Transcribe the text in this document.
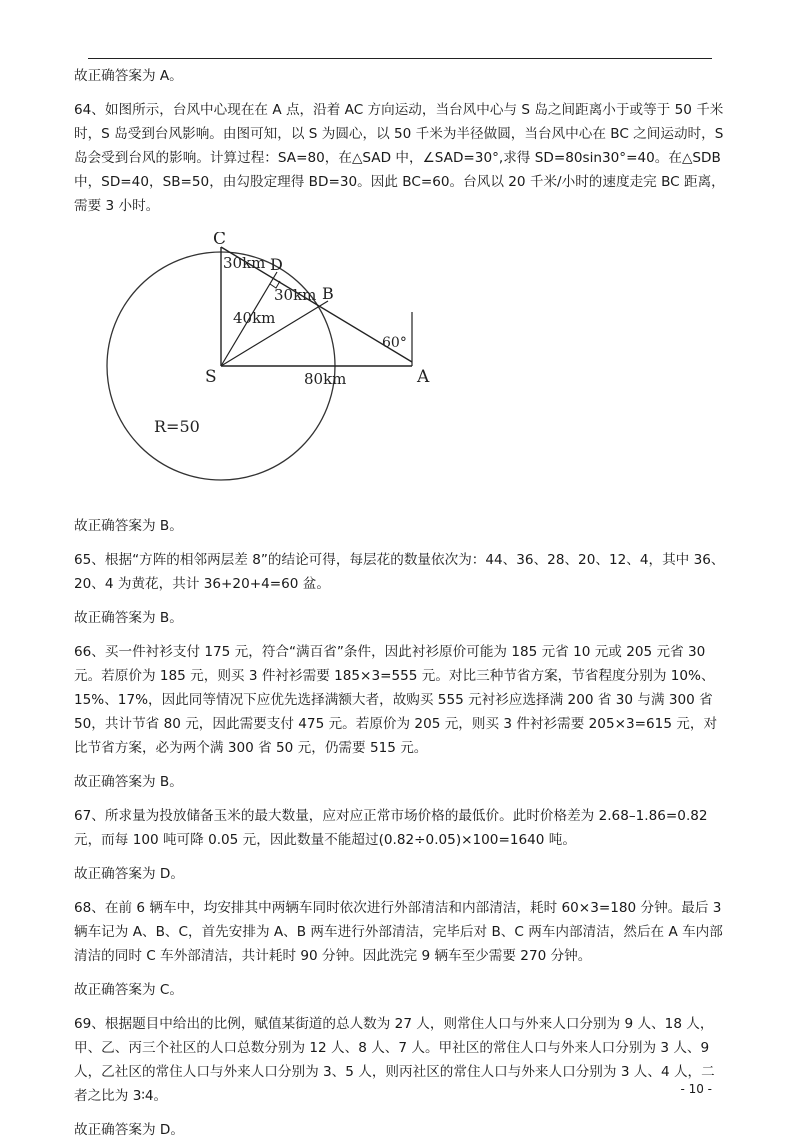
故正确答案为 A。

64、如图所示，台风中心现在在 A 点，沿着 AC 方向运动，当台风中心与 S 岛之间距离小于或等于 50 千米时，S 岛受到台风影响。由图可知，以 S 为圆心，以 50 千米为半径做圆，当台风中心在 BC 之间运动时，S 岛会受到台风的影响。计算过程：SA=80，在△SAD 中，∠SAD=30°,求得 SD=80sin30°=40。在△SDB 中，SD=40，SB=50，由勾股定理得 BD=30。因此 BC=60。台风以 20 千米/小时的速度走完 BC 距离，需要 3 小时。

C
D
B
S	A
30km
30km
40km
80km
60°
R=50

故正确答案为 B。

65、根据“方阵的相邻两层差 8”的结论可得，每层花的数量依次为：44、36、28、20、12、4，其中 36、20、4 为黄花，共计 36+20+4=60 盆。

故正确答案为 B。

66、买一件衬衫支付 175 元，符合“满百省”条件，因此衬衫原价可能为 185 元省 10 元或 205 元省 30 元。若原价为 185 元，则买 3 件衬衫需要 185×3=555 元。对比三种节省方案，节省程度分别为 10%、15%、17%，因此同等情况下应优先选择满额大者，故购买 555 元衬衫应选择满 200 省 30 与满 300 省 50，共计节省 80 元，因此需要支付 475 元。若原价为 205 元，则买 3 件衬衫需要 205×3=615 元，对比节省方案，必为两个满 300 省 50 元，仍需要 515 元。

故正确答案为 B。

67、所求量为投放储备玉米的最大数量，应对应正常市场价格的最低价。此时价格差为 2.68–1.86=0.82 元，而每 100 吨可降 0.05 元，因此数量不能超过(0.82÷0.05)×100=1640 吨。

故正确答案为 D。

68、在前 6 辆车中，均安排其中两辆车同时依次进行外部清洁和内部清洁，耗时 60×3=180 分钟。最后 3 辆车记为 A、B、C，首先安排为 A、B 两车进行外部清洁，完毕后对 B、C 两车内部清洁，然后在 A 车内部清洁的同时 C 车外部清洁，共计耗时 90 分钟。因此洗完 9 辆车至少需要 270 分钟。

故正确答案为 C。

69、根据题目中给出的比例，赋值某街道的总人数为 27 人，则常住人口与外来人口分别为 9 人、18 人，甲、乙、丙三个社区的人口总数分别为 12 人、8 人、7 人。甲社区的常住人口与外来人口分别为 3 人、9 人，乙社区的常住人口与外来人口分别为 3、5 人，则丙社区的常住人口与外来人口分别为 3 人、4 人，二者之比为 3∶4。

故正确答案为 D。

- 10 -
